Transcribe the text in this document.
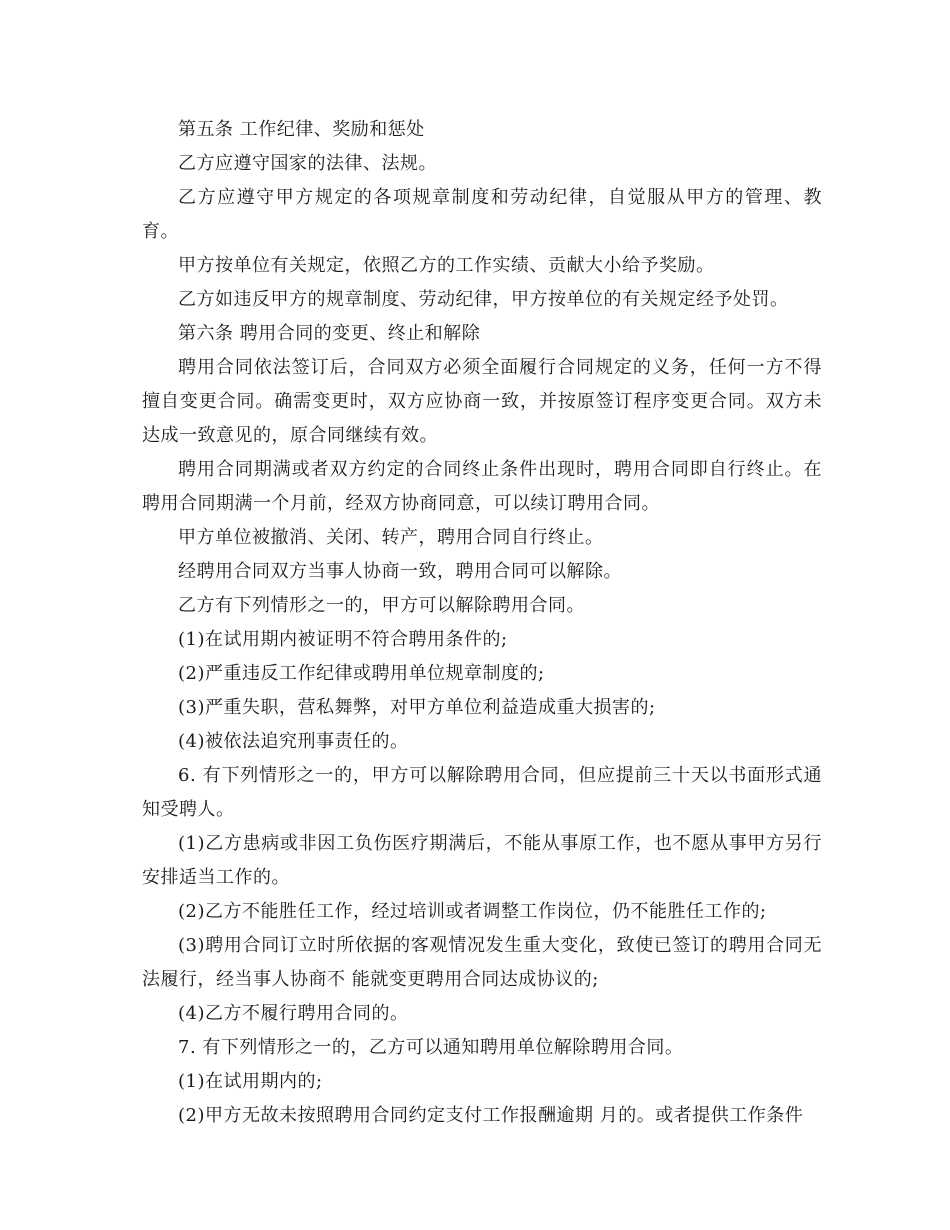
第五条 工作纪律、奖励和惩处

乙方应遵守国家的法律、法规。

乙方应遵守甲方规定的各项规章制度和劳动纪律，自觉服从甲方的管理、教育。

甲方按单位有关规定，依照乙方的工作实绩、贡献大小给予奖励。

乙方如违反甲方的规章制度、劳动纪律，甲方按单位的有关规定经予处罚。

第六条 聘用合同的变更、终止和解除

聘用合同依法签订后，合同双方必须全面履行合同规定的义务，任何一方不得擅自变更合同。确需变更时，双方应协商一致，并按原签订程序变更合同。双方未达成一致意见的，原合同继续有效。

聘用合同期满或者双方约定的合同终止条件出现时，聘用合同即自行终止。在聘用合同期满一个月前，经双方协商同意，可以续订聘用合同。

甲方单位被撤消、关闭、转产，聘用合同自行终止。

经聘用合同双方当事人协商一致，聘用合同可以解除。

乙方有下列情形之一的，甲方可以解除聘用合同。

(1)在试用期内被证明不符合聘用条件的;

(2)严重违反工作纪律或聘用单位规章制度的;

(3)严重失职，营私舞弊，对甲方单位利益造成重大损害的;

(4)被依法追究刑事责任的。

6. 有下列情形之一的，甲方可以解除聘用合同，但应提前三十天以书面形式通知受聘人。

(1)乙方患病或非因工负伤医疗期满后，不能从事原工作，也不愿从事甲方另行安排适当工作的。

(2)乙方不能胜任工作，经过培训或者调整工作岗位，仍不能胜任工作的;

(3)聘用合同订立时所依据的客观情况发生重大变化，致使已签订的聘用合同无法履行，经当事人协商不 能就变更聘用合同达成协议的;

(4)乙方不履行聘用合同的。

7. 有下列情形之一的，乙方可以通知聘用单位解除聘用合同。

(1)在试用期内的;

(2)甲方无故未按照聘用合同约定支付工作报酬逾期 月的。或者提供工作条件
